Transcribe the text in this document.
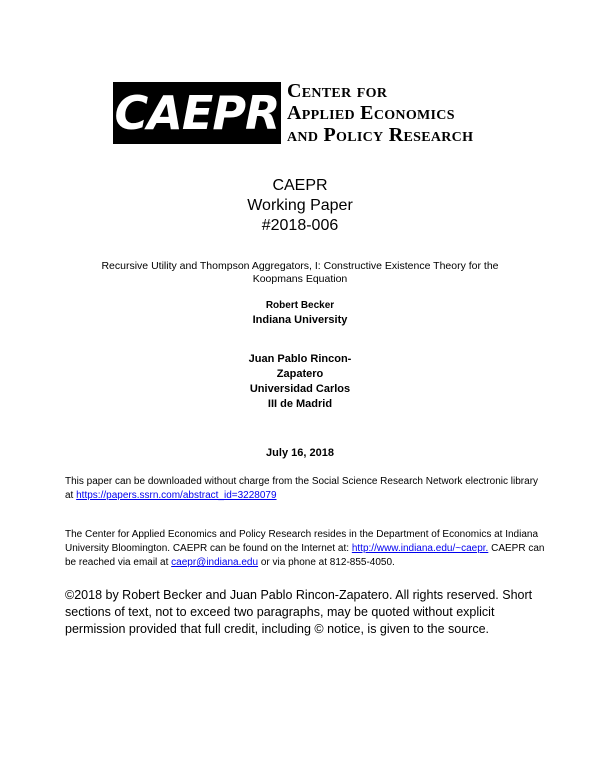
CAEPR Center for
Applied Economics
and Policy Research
CAEPR
Working Paper
#2018-006
Recursive Utility and Thompson Aggregators, I: Constructive Existence Theory for the Koopmans Equation
Robert Becker
Indiana University
Juan Pablo Rincon-
Zapatero
Universidad Carlos
III de Madrid
July 16, 2018
This paper can be downloaded without charge from the Social Science Research Network electronic library at https://papers.ssrn.com/abstract_id=3228079
The Center for Applied Economics and Policy Research resides in the Department of Economics at Indiana University Bloomington. CAEPR can be found on the Internet at: http://www.indiana.edu/~caepr. CAEPR can be reached via email at caepr@indiana.edu or via phone at 812-855-4050.
©2018 by Robert Becker and Juan Pablo Rincon-Zapatero. All rights reserved. Short sections of text, not to exceed two paragraphs, may be quoted without explicit permission provided that full credit, including © notice, is given to the source.
